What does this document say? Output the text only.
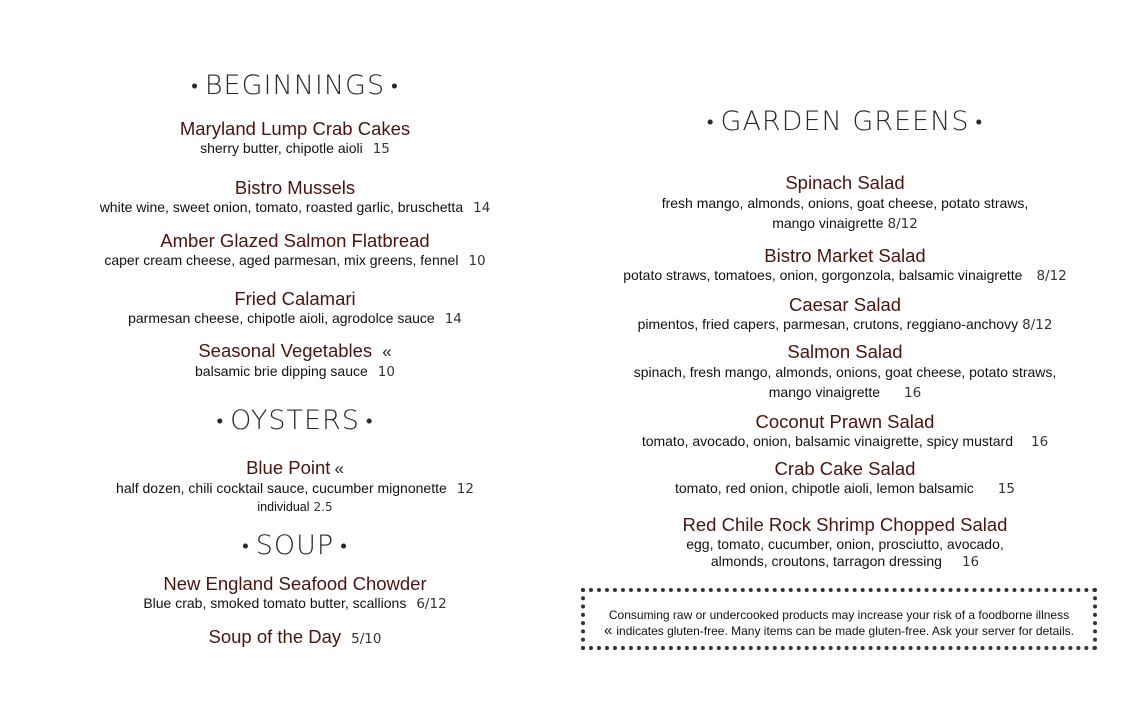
• BEGINNINGS •
Maryland Lump Crab Cakes
sherry butter, chipotle aioli 15
Bistro Mussels
white wine, sweet onion, tomato, roasted garlic, bruschetta 14
Amber Glazed Salmon Flatbread
caper cream cheese, aged parmesan, mix greens, fennel 10
Fried Calamari
parmesan cheese, chipotle aioli, agrodolce sauce 14
Seasonal Vegetables «
balsamic brie dipping sauce 10
• OYSTERS •
Blue Point «
half dozen, chili cocktail sauce, cucumber mignonette 12
individual 2.5
• SOUP •
New England Seafood Chowder
Blue crab, smoked tomato butter, scallions 6/12
Soup of the Day 5/10
• GARDEN GREENS •
Spinach Salad
fresh mango, almonds, onions, goat cheese, potato straws,
mango vinaigrette 8/12
Bistro Market Salad
potato straws, tomatoes, onion, gorgonzola, balsamic vinaigrette 8/12
Caesar Salad
pimentos, fried capers, parmesan, crutons, reggiano-anchovy 8/12
Salmon Salad
spinach, fresh mango, almonds, onions, goat cheese, potato straws,
mango vinaigrette 16
Coconut Prawn Salad
tomato, avocado, onion, balsamic vinaigrette, spicy mustard 16
Crab Cake Salad
tomato, red onion, chipotle aioli, lemon balsamic 15
Red Chile Rock Shrimp Chopped Salad
egg, tomato, cucumber, onion, prosciutto, avocado,
almonds, croutons, tarragon dressing 16
Consuming raw or undercooked products may increase your risk of a foodborne illness
« indicates gluten-free. Many items can be made gluten-free. Ask your server for details.
